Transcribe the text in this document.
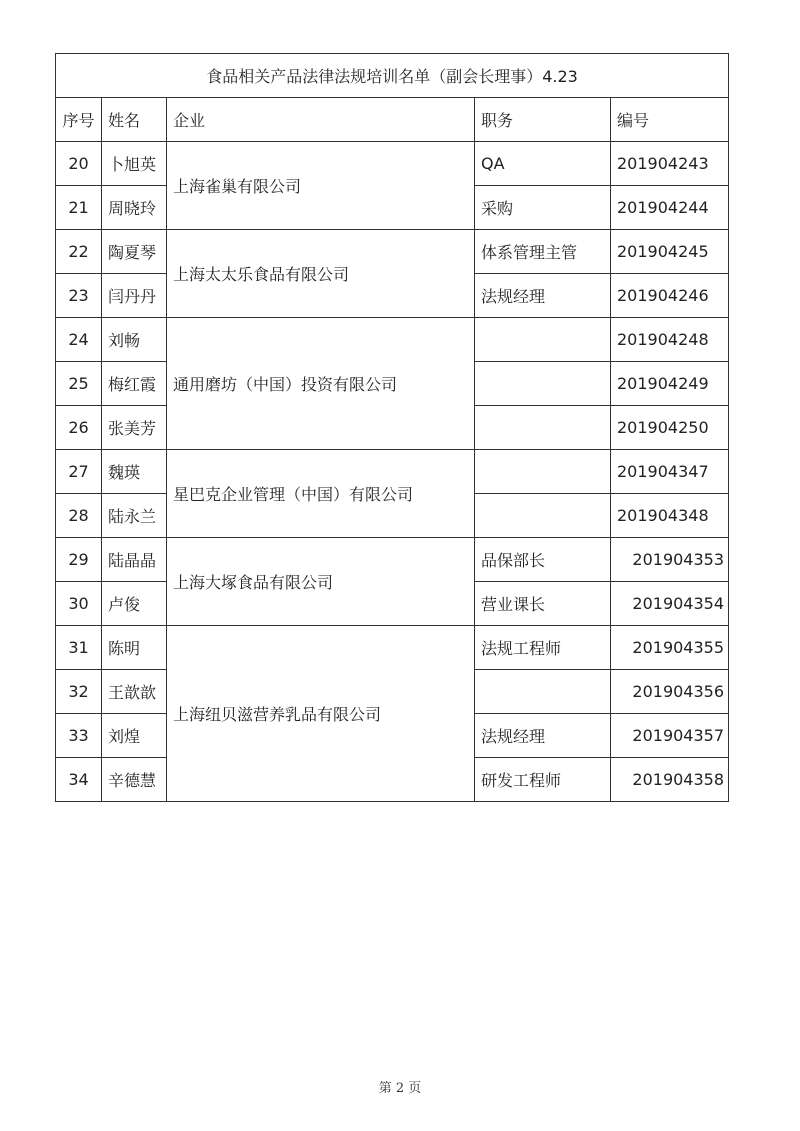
食品相关产品法律法规培训名单（副会长理事）4.23				
序号	姓名	企业	职务	编号
20	卜旭英	上海雀巢有限公司	QA	201904243
21	周晓玲		采购	201904244
22	陶夏琴	上海太太乐食品有限公司	体系管理主管	201904245
23	闫丹丹		法规经理	201904246
24	刘畅	通用磨坊（中国）投资有限公司		201904248
25	梅红霞			201904249
26	张美芳			201904250
27	魏瑛	星巴克企业管理（中国）有限公司		201904347
28	陆永兰			201904348
29	陆晶晶	上海大塚食品有限公司	品保部长	201904353
30	卢俊		营业课长	201904354
31	陈明	上海纽贝滋营养乳品有限公司	法规工程师	201904355
32	王歆歆			201904356
33	刘煌		法规经理	201904357
34	辛德慧		研发工程师	201904358
第 2 页
